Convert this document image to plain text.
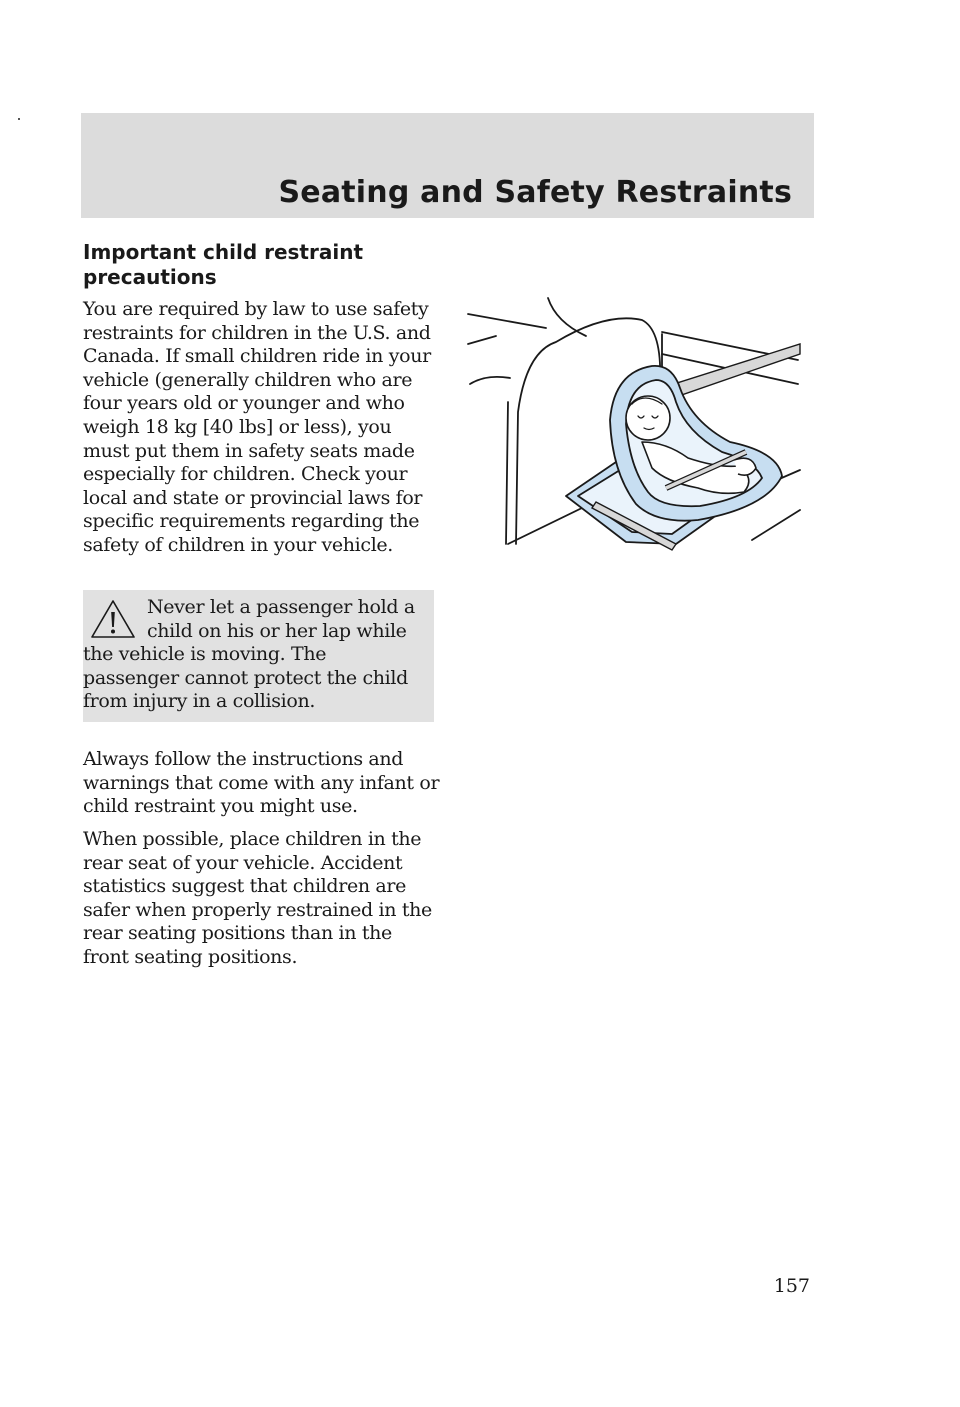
Seating and Safety Restraints
Important child restraint precautions

You are required by law to use safety restraints for children in the U.S. and Canada. If small children ride in your vehicle (generally children who are four years old or younger and who weigh 18 kg [40 lbs] or less), you must put them in safety seats made especially for children. Check your local and state or provincial laws for specific requirements regarding the safety of children in your vehicle.

Never let a passenger hold a child on his or her lap while the vehicle is moving. The passenger cannot protect the child from injury in a collision.

Always follow the instructions and warnings that come with any infant or child restraint you might use.

When possible, place children in the rear seat of your vehicle. Accident statistics suggest that children are safer when properly restrained in the rear seating positions than in the front seating positions.

157
